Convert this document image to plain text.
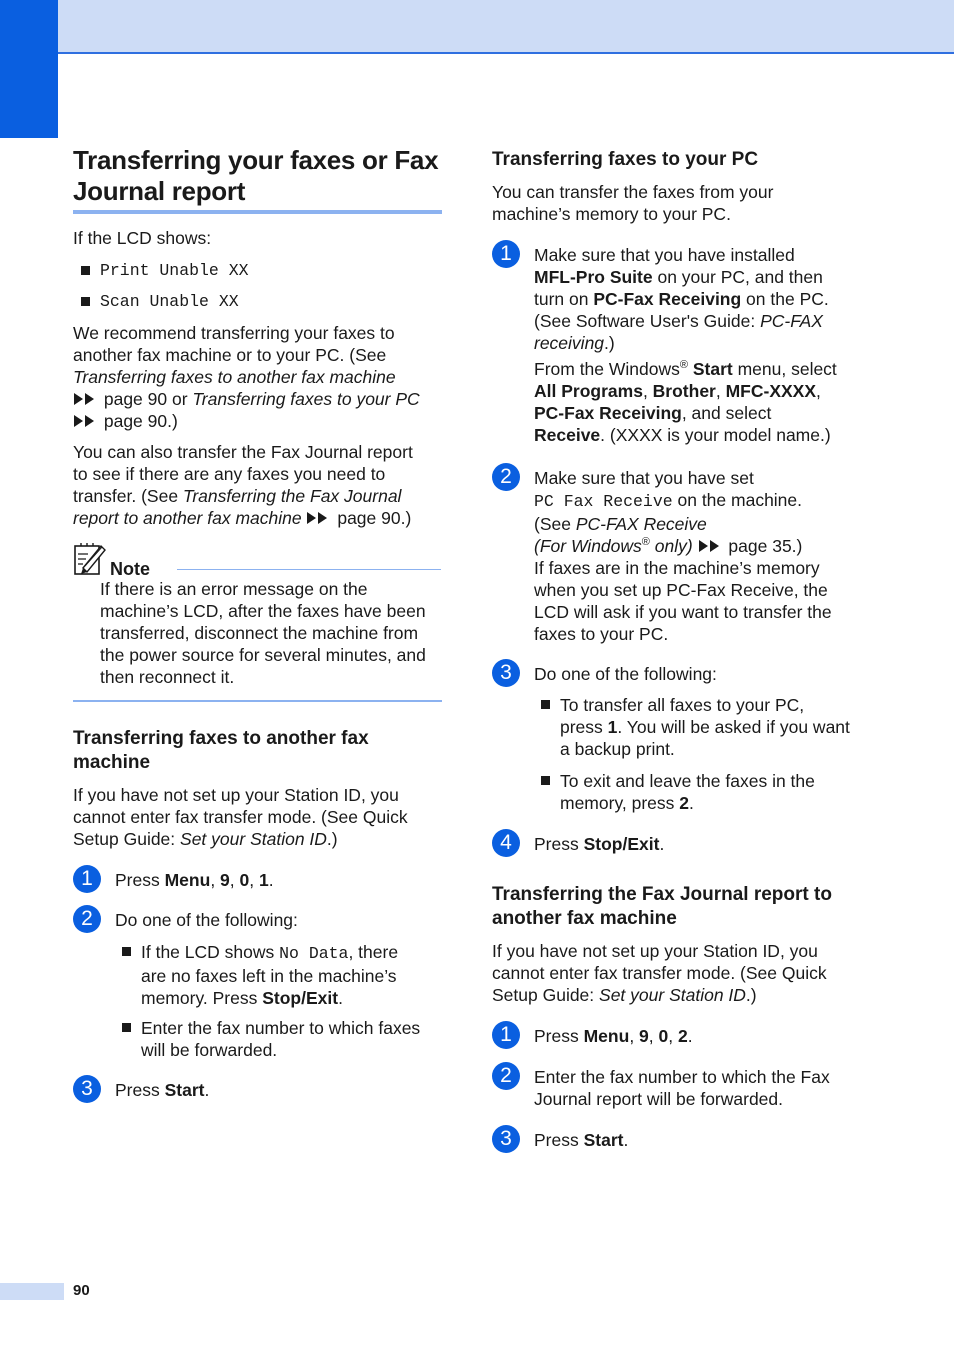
Transferring your faxes or Fax
Journal report

If the LCD shows:

Print Unable XX
Scan Unable XX

We recommend transferring your faxes to

another fax machine or to your PC. (See

Transferring faxes to another fax machine

page 90 or Transferring faxes to your PC

page 90.)

You can also transfer the Fax Journal report

to see if there are any faxes you need to

transfer. (See Transferring the Fax Journal

report to another fax machine  page 90.)

Note

If there is an error message on the

machine’s LCD, after the faxes have been

transferred, disconnect the machine from

the power source for several minutes, and

then reconnect it.

Transferring faxes to another fax
machine

If you have not set up your Station ID, you

cannot enter fax transfer mode. (See Quick

Setup Guide: Set your Station ID.)

1	Press Menu, 9, 0, 1.
2	Do one of the following:

If the LCD shows No Data, there

are no faxes left in the machine’s

memory. Press Stop/Exit.

Enter the fax number to which faxes

will be forwarded.

3	Press Start.
Transferring faxes to your PC

You can transfer the faxes from your

machine’s memory to your PC.

1	Make sure that you have installed

MFL-Pro Suite on your PC, and then

turn on PC-Fax Receiving on the PC.

(See Software User's Guide: PC-FAX

receiving.)

From the Windows® Start menu, select

All Programs, Brother, MFC-XXXX,

PC-Fax Receiving, and select

Receive. (XXXX is your model name.)

2	Make sure that you have set

PC Fax Receive on the machine.

(See PC-FAX Receive

(For Windows® only)  page 35.)

If faxes are in the machine’s memory

when you set up PC-Fax Receive, the

LCD will ask if you want to transfer the

faxes to your PC.

3	Do one of the following:

To transfer all faxes to your PC,

press 1. You will be asked if you want

a backup print.

To exit and leave the faxes in the

memory, press 2.

4	Press Stop/Exit.
Transferring the Fax Journal report to
another fax machine

If you have not set up your Station ID, you

cannot enter fax transfer mode. (See Quick

Setup Guide: Set your Station ID.)

1	Press Menu, 9, 0, 2.
2	Enter the fax number to which the Fax

Journal report will be forwarded.

3	Press Start.
90
